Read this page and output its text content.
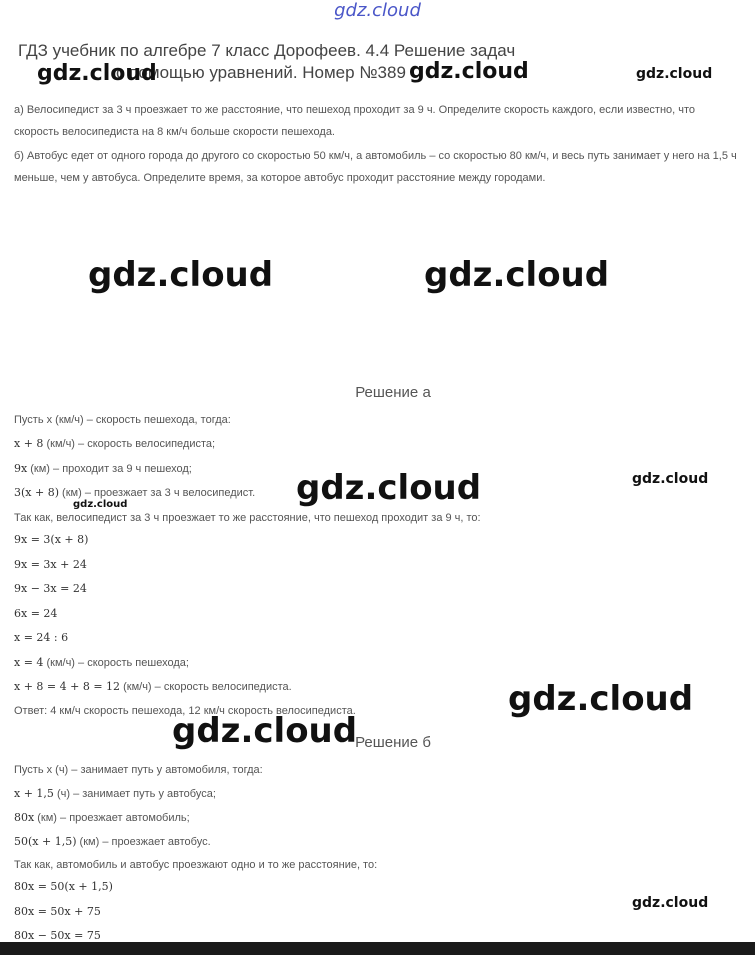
gdz.cloud
ГДЗ учебник по алгебре 7 класс Дорофеев. 4.4 Решение задач
с помощью уравнений. Номер №389
а) Велосипедист за 3 ч проезжает то же расстояние, что пешеход проходит за 9 ч. Определите скорость каждого, если известно, что скорость велосипедиста на 8 км/ч больше скорости пешехода.
б) Автобус едет от одного города до другого со скоростью 50 км/ч, а автомобиль – со скоростью 80 км/ч, и весь путь занимает у него на 1,5 ч меньше, чем у автобуса. Определите время, за которое автобус проходит расстояние между городами.
Решение а
Решение б
Пусть x (км/ч) – скорость пешехода, тогда:
x + 8 (км/ч) – скорость велосипедиста;
9x (км) – проходит за 9 ч пешеход;
3(x + 8) (км) – проезжает за 3 ч велосипедист.
Так как, велосипедист за 3 ч проезжает то же расстояние, что пешеход проходит за 9 ч, то:
9x = 3(x + 8)
9x = 3x + 24
9x − 3x = 24
6x = 24
x = 24 : 6
x = 4 (км/ч) – скорость пешехода;
x + 8 = 4 + 8 = 12 (км/ч) – скорость велосипедиста.
Ответ: 4 км/ч скорость пешехода, 12 км/ч скорость велосипедиста.
Пусть x (ч) – занимает путь у автомобиля, тогда:
x + 1,5 (ч) – занимает путь у автобуса;
80x (км) – проезжает автомобиль;
50(x + 1,5) (км) – проезжает автобус.
Так как, автомобиль и автобус проезжают одно и то же расстояние, то:
80x = 50(x + 1,5)
80x = 50x + 75
80x − 50x = 75
gdz.cloud	gdz.cloud	gdz.cloud
gdz.cloud	gdz.cloud
gdz.cloud	gdz.cloud
gdz.cloud
gdz.cloud
gdz.cloud
gdz.cloud
